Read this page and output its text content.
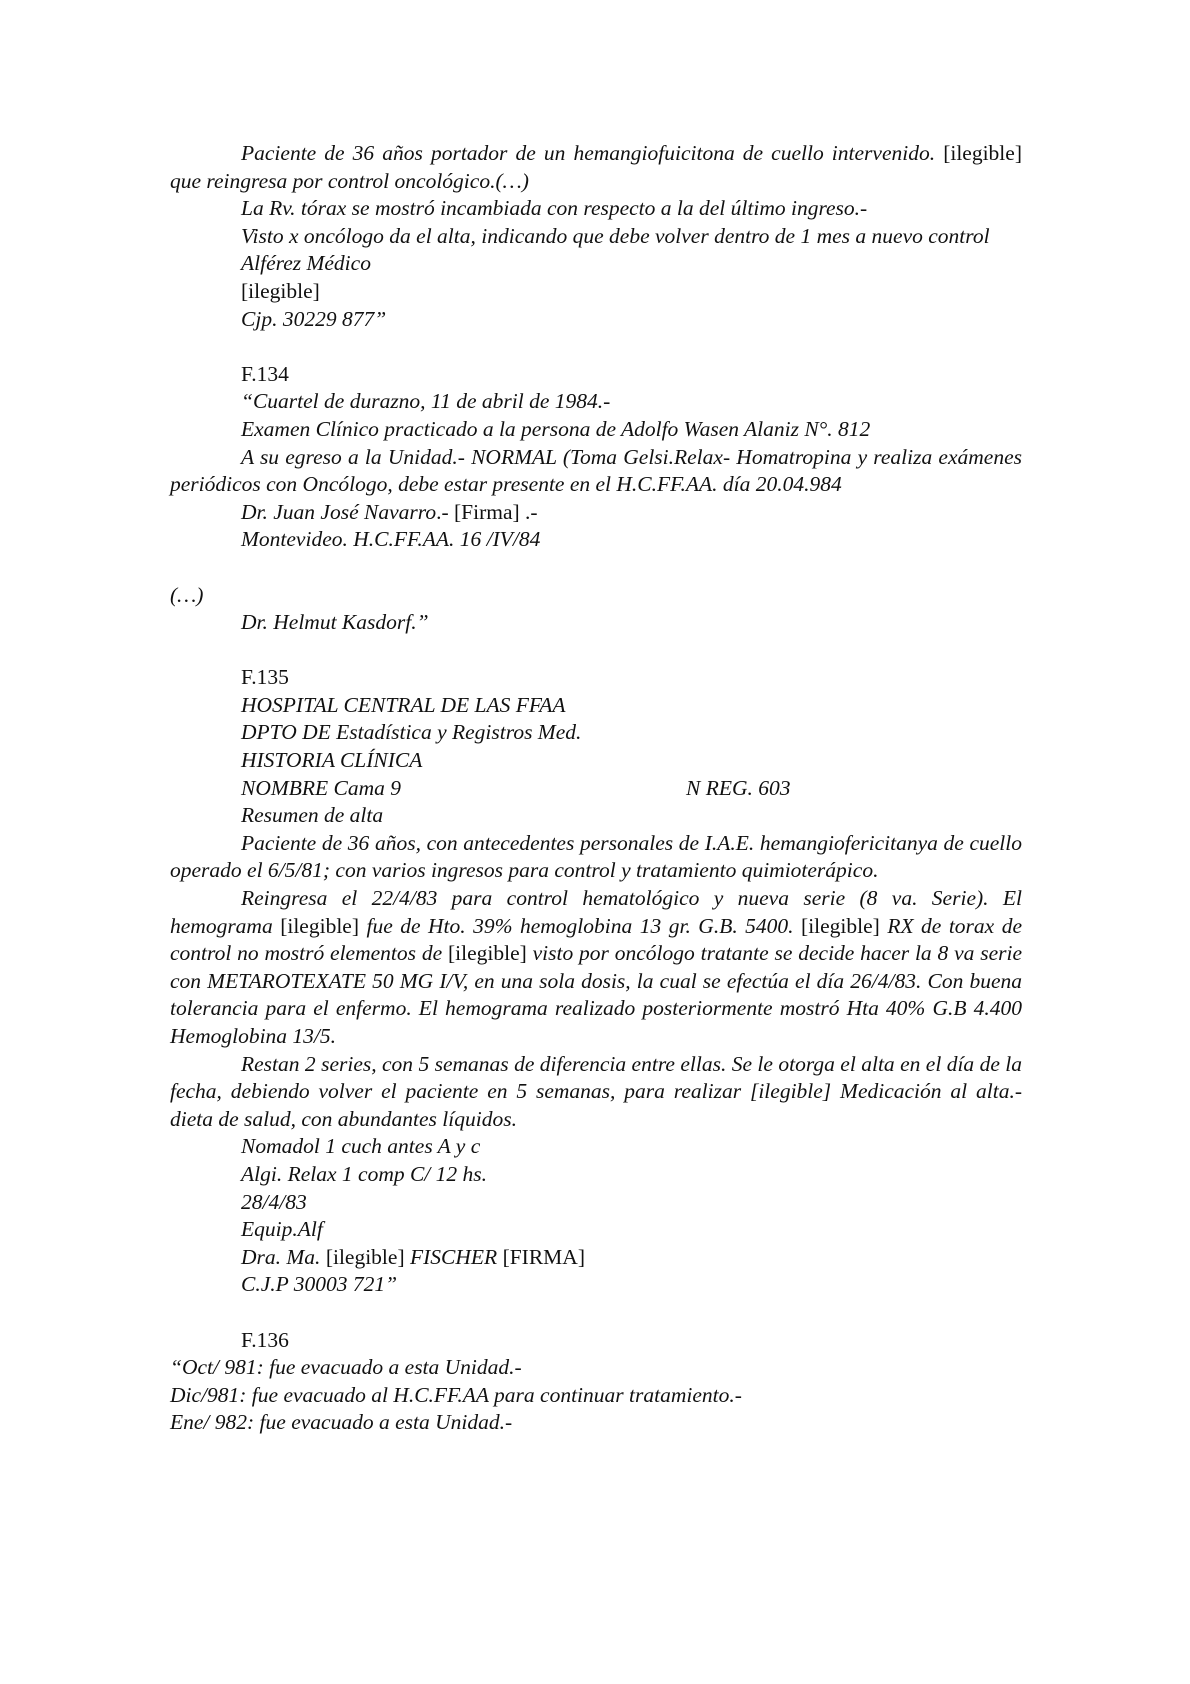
Paciente de 36 años portador de un hemangiofuicitona de cuello intervenido. [ilegible] que reingresa por control oncológico.(…)

La Rv. tórax se mostró incambiada con respecto a la del último ingreso.-

Visto x oncólogo da el alta, indicando que debe volver dentro de 1 mes a nuevo control

Alférez Médico

[ilegible]

Cjp. 30229 877”

F.134

“Cuartel de durazno, 11 de abril de 1984.-

Examen Clínico practicado a la persona de Adolfo Wasen Alaniz N°. 812

A su egreso a la Unidad.- NORMAL (Toma Gelsi.Relax- Homatropina y realiza exámenes periódicos con Oncólogo, debe estar presente en el H.C.FF.AA. día 20.04.984

Dr. Juan José Navarro.- [Firma] .-

Montevideo. H.C.FF.AA. 16 /IV/84

(…)

Dr. Helmut Kasdorf.”

F.135

HOSPITAL CENTRAL DE LAS FFAA

DPTO DE Estadística y Registros Med.

HISTORIA CLÍNICA

NOMBRE Cama 9	N REG. 603

Resumen de alta

Paciente de 36 años, con antecedentes personales de I.A.E. hemangiofericitanya de cuello operado el 6/5/81; con varios ingresos para control y tratamiento quimioterápico.

Reingresa el 22/4/83 para control hematológico y nueva serie (8 va. Serie). El hemograma [ilegible] fue de Hto. 39% hemoglobina 13 gr. G.B. 5400. [ilegible] RX de torax de control no mostró elementos de [ilegible] visto por oncólogo tratante se decide hacer la 8 va serie con METAROTEXATE 50 MG I/V, en una sola dosis, la cual se efectúa el día 26/4/83. Con buena tolerancia para el enfermo. El hemograma realizado posteriormente mostró Hta 40% G.B 4.400 Hemoglobina 13/5.

Restan 2 series, con 5 semanas de diferencia entre ellas. Se le otorga el alta en el día de la fecha, debiendo volver el paciente en 5 semanas, para realizar [ilegible] Medicación al alta.- dieta de salud, con abundantes líquidos.

Nomadol 1 cuch antes A y c

Algi. Relax 1 comp C/ 12 hs.

28/4/83

Equip.Alf

Dra. Ma. [ilegible] FISCHER [FIRMA]

C.J.P 30003 721”

F.136

“Oct/ 981: fue evacuado a esta Unidad.-

Dic/981: fue evacuado al H.C.FF.AA para continuar tratamiento.-

Ene/ 982: fue evacuado a esta Unidad.-
